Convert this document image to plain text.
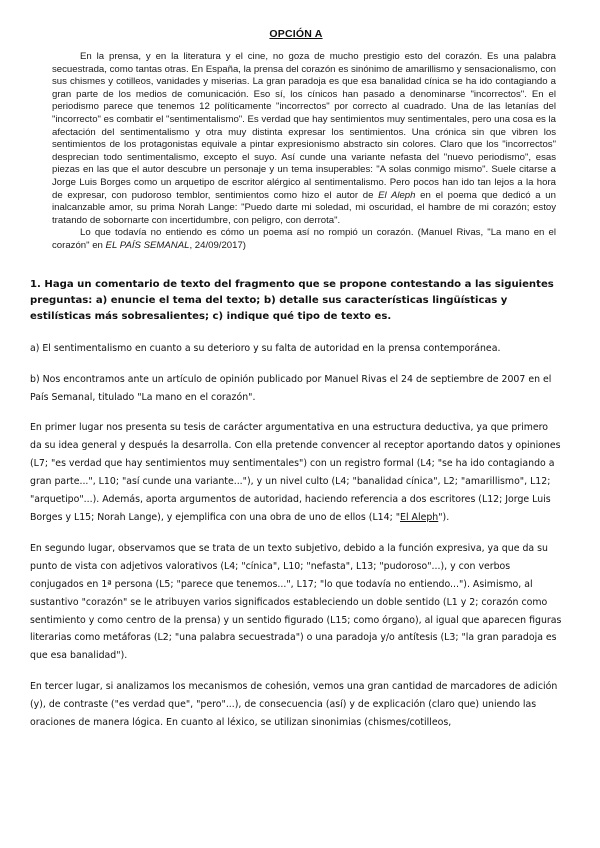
OPCIÓN A

En la prensa, y en la literatura y el cine, no goza de mucho prestigio esto del corazón. Es una palabra secuestrada, como tantas otras. En España, la prensa del corazón es sinónimo de amarillismo y sensacionalismo, con sus chismes y cotilleos, vanidades y miserias. La gran paradoja es que esa banalidad cínica se ha ido contagiando a gran parte de los medios de comunicación. Eso sí, los cínicos han pasado a denominarse "incorrectos". En el periodismo parece que tenemos 12 políticamente "incorrectos" por correcto al cuadrado. Una de las letanías del "incorrecto" es combatir el "sentimentalismo". Es verdad que hay sentimientos muy sentimentales, pero una cosa es la afectación del sentimentalismo y otra muy distinta expresar los sentimientos. Una crónica sin que vibren los sentimientos de los protagonistas equivale a pintar expresionismo abstracto sin colores. Claro que los "incorrectos" desprecian todo sentimentalismo, excepto el suyo. Así cunde una variante nefasta del "nuevo periodismo", esas piezas en las que el autor descubre un personaje y un tema insuperables: "A solas conmigo mismo". Suele citarse a Jorge Luis Borges como un arquetipo de escritor alérgico al sentimentalismo. Pero pocos han ido tan lejos a la hora de expresar, con pudoroso temblor, sentimientos como hizo el autor de El Aleph en el poema que dedicó a un inalcanzable amor, su prima Norah Lange: "Puedo darte mi soledad, mi oscuridad, el hambre de mi corazón; estoy tratando de sobornarte con incertidumbre, con peligro, con derrota".

Lo que todavía no entiendo es cómo un poema así no rompió un corazón. (Manuel Rivas, "La mano en el corazón" en EL PAÍS SEMANAL, 24/09/2017)

1. Haga un comentario de texto del fragmento que se propone contestando a las siguientes preguntas: a) enuncie el tema del texto; b) detalle sus características lingüísticas y estilísticas más sobresalientes; c) indique qué tipo de texto es.
a) El sentimentalismo en cuanto a su deterioro y su falta de autoridad en la prensa contemporánea.
b) Nos encontramos ante un artículo de opinión publicado por Manuel Rivas el 24 de septiembre de 2007 en el País Semanal, titulado "La mano en el corazón".
En primer lugar nos presenta su tesis de carácter argumentativa en una estructura deductiva, ya que primero da su idea general y después la desarrolla. Con ella pretende convencer al receptor aportando datos y opiniones (L7; "es verdad que hay sentimientos muy sentimentales") con un registro formal (L4; "se ha ido contagiando a gran parte...", L10; "así cunde una variante..."), y un nivel culto (L4; "banalidad cínica", L2; "amarillismo", L12; "arquetipo"...). Además, aporta argumentos de autoridad, haciendo referencia a dos escritores (L12; Jorge Luis Borges y L15; Norah Lange), y ejemplifica con una obra de uno de ellos (L14; "El Aleph").
En segundo lugar, observamos que se trata de un texto subjetivo, debido a la función expresiva, ya que da su punto de vista con adjetivos valorativos (L4; "cínica", L10; "nefasta", L13; "pudoroso"...), y con verbos conjugados en 1ª persona (L5; "parece que tenemos...", L17; "lo que todavía no entiendo..."). Asimismo, al sustantivo "corazón" se le atribuyen varios significados estableciendo un doble sentido (L1 y 2; corazón como sentimiento y como centro de la prensa) y un sentido figurado (L15; como órgano), al igual que aparecen figuras literarias como metáforas (L2; "una palabra secuestrada") o una paradoja y/o antítesis (L3; "la gran paradoja es que esa banalidad").
En tercer lugar, si analizamos los mecanismos de cohesión, vemos una gran cantidad de marcadores de adición (y), de contraste ("es verdad que", "pero"...), de consecuencia (así) y de explicación (claro que) uniendo las oraciones de manera lógica. En cuanto al léxico, se utilizan sinonimias (chismes/cotilleos,
